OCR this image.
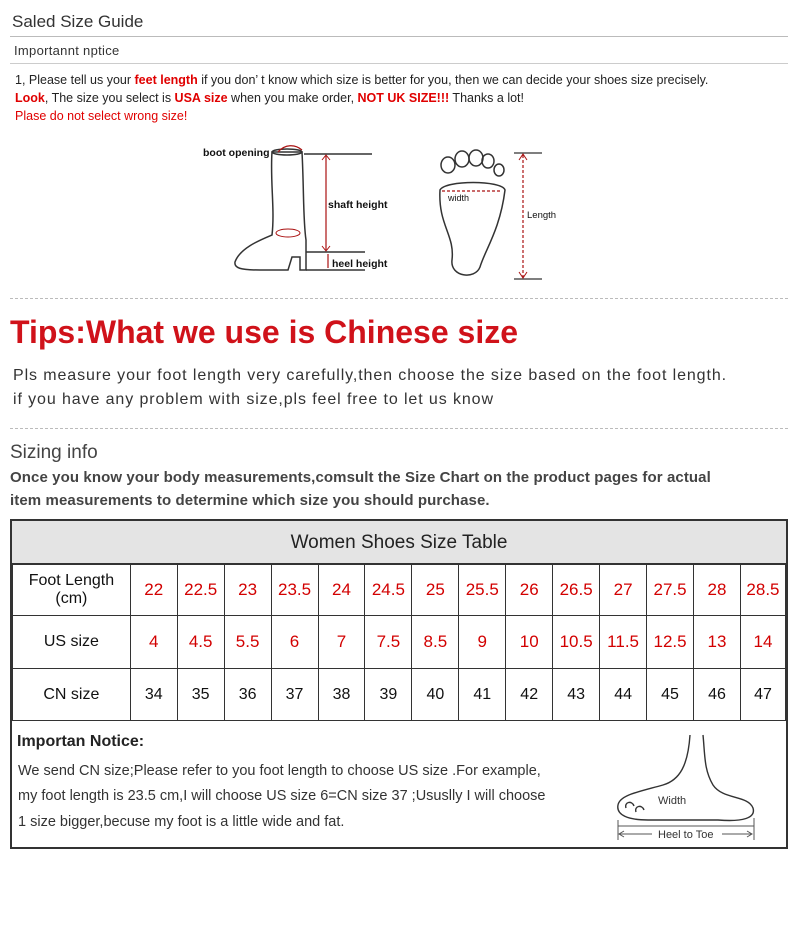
Saled Size Guide
Importannt nptice
1, Please tell us your feet length if you don’ t know which size is better for you, then we can decide your shoes size precisely.
Look, The size you select is USA size when you make order, NOT UK SIZE!!! Thanks a lot!
Plase do not select wrong size!
boot opening
shaft height
heel height
width
Length
Tips:What we use is Chinese size
Pls measure your foot length very carefully,then choose the size based on the foot length.
if you have any problem with size,pls feel free to let us know
Sizing info
Once you know your body measurements,comsult the Size Chart on the product pages for actual
item measurements to determine which size you should purchase.
Women Shoes Size Table
Foot Length
(cm)	22	22.5	23	23.5	24	24.5	25	25.5	26	26.5	27	27.5	28	28.5
US size	4	4.5	5.5	6	7	7.5	8.5	9	10	10.5	11.5	12.5	13	14
CN size	34	35	36	37	38	39	40	41	42	43	44	45	46	47
Importan Notice:
We send CN size;Please refer to you foot length to choose US size .For example,
my foot length is 23.5 cm,I will choose US size 6=CN size 37 ;Ususlly I will choose
1 size bigger,becuse my foot is a little wide and fat.
Heel to Toe
Width
